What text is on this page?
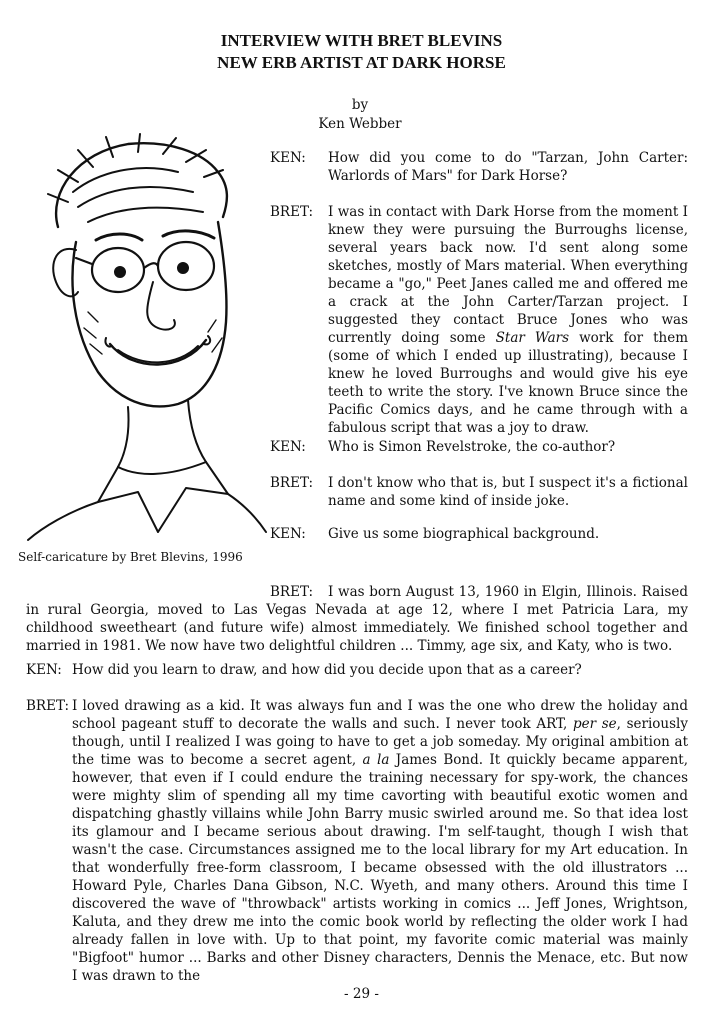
INTERVIEW WITH BRET BLEVINS
NEW ERB ARTIST AT DARK HORSE
by
Ken Webber
Self-caricature by Bret Blevins, 1996
KEN:	How did you come to do "Tarzan, John Carter: Warlords of Mars" for Dark Horse?
BRET:	I was in contact with Dark Horse from the moment I knew they were pursuing the Burroughs license, several years back now. I'd sent along some sketches, mostly of Mars material. When everything became a "go," Peet Janes called me and offered me a crack at the John Carter/Tarzan project. I suggested they contact Bruce Jones who was currently doing some Star Wars work for them (some of which I ended up illustrating), because I knew he loved Burroughs and would give his eye teeth to write the story. I've known Bruce since the Pacific Comics days, and he came through with a fabulous script that was a joy to draw.
KEN:	Who is Simon Revelstroke, the co-author?
BRET:	I don't know who that is, but I suspect it's a fictional name and some kind of inside joke.
KEN:	Give us some biographical background.
BRET: I was born August 13, 1960 in Elgin, Illinois. Raised in rural Georgia, moved to Las Vegas Nevada at age 12, where I met Patricia Lara, my childhood sweetheart (and future wife) almost immediately. We finished school together and married in 1981. We now have two delightful children ... Timmy, age six, and Katy, who is two.
KEN: How did you learn to draw, and how did you decide upon that as a career?
BRET: I loved drawing as a kid. It was always fun and I was the one who drew the holiday and school pageant stuff to decorate the walls and such. I never took ART, per se, seriously though, until I realized I was going to have to get a job someday. My original ambition at the time was to become a secret agent, a la James Bond. It quickly became apparent, however, that even if I could endure the training necessary for spy-work, the chances were mighty slim of spending all my time cavorting with beautiful exotic women and dispatching ghastly villains while John Barry music swirled around me. So that idea lost its glamour and I became serious about drawing. I'm self-taught, though I wish that wasn't the case. Circumstances assigned me to the local library for my Art education. In that wonderfully free-form classroom, I became obsessed with the old illustrators ... Howard Pyle, Charles Dana Gibson, N.C. Wyeth, and many others. Around this time I discovered the wave of "throwback" artists working in comics ... Jeff Jones, Wrightson, Kaluta, and they drew me into the comic book world by reflecting the older work I had already fallen in love with. Up to that point, my favorite comic material was mainly "Bigfoot" humor ... Barks and other Disney characters, Dennis the Menace, etc. But now I was drawn to the
- 29 -
